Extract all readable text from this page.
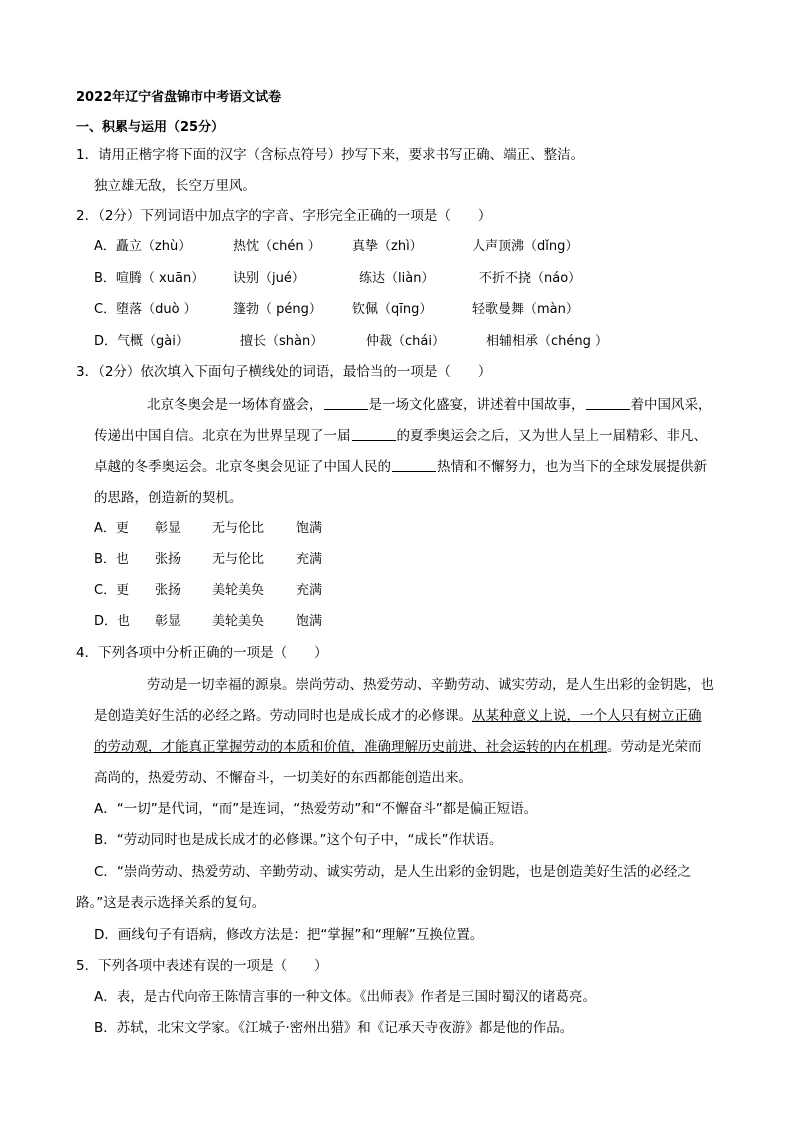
2022年辽宁省盘锦市中考语文试卷
一、积累与运用（25分）
1．请用正楷字将下面的汉字（含标点符号）抄写下来，要求书写正确、端正、整洁。
独立雄无敌，长空万里风。
2．（2分）下列词语中加点字的字音、字形完全正确的一项是（　　）
A．矗立（zhù）	热忱（chén ） 真挚（zhì）	人声顶沸（dǐng）
B．喧腾（ xuān） 诀别（jué）	练达（liàn）	不折不挠（náo）
C．堕落（duò ）	篷勃（ péng） 钦佩（qīng）	轻歌曼舞（màn）
D．气概（gài）	擅长（shàn）	仲裁（chái）	相辅相承（chéng ）
3．（2分）依次填入下面句子横线处的词语，最恰当的一项是（　　）
北京冬奥会是一场体育盛会，	是一场文化盛宴，讲述着中国故事，	着中国风采，
传递出中国自信。北京在为世界呈现了一届	的夏季奥运会之后，又为世人呈上一届精彩、非凡、
卓越的冬季奥运会。北京冬奥会见证了中国人民的	热情和不懈努力，也为当下的全球发展提供新
的思路，创造新的契机。
A．更 彰显 无与伦比 饱满
B．也 张扬 无与伦比 充满
C．更 张扬 美轮美奂 充满
D．也 彰显 美轮美奂 饱满
4．下列各项中分析正确的一项是（　　）
劳动是一切幸福的源泉。崇尚劳动、热爱劳动、辛勤劳动、诚实劳动，是人生出彩的金钥匙，也
是创造美好生活的必经之路。劳动同时也是成长成才的必修课。从某种意义上说，一个人只有树立正确
的劳动观，才能真正掌握劳动的本质和价值，准确理解历史前进、社会运转的内在机理。劳动是光荣而
高尚的，热爱劳动、不懈奋斗，一切美好的东西都能创造出来。
A．“一切”是代词，“而”是连词，“热爱劳动”和“不懈奋斗”都是偏正短语。
B．“劳动同时也是成长成才的必修课。”这个句子中，“成长”作状语。
C．“崇尚劳动、热爱劳动、辛勤劳动、诚实劳动，是人生出彩的金钥匙，也是创造美好生活的必经之
路。”这是表示选择关系的复句。
D．画线句子有语病，修改方法是：把“掌握”和“理解”互换位置。
5．下列各项中表述有误的一项是（　　）
A．表，是古代向帝王陈情言事的一种文体。《出师表》作者是三国时蜀汉的诸葛亮。
B．苏轼，北宋文学家。《江城子·密州出猎》和《记承天寺夜游》都是他的作品。
